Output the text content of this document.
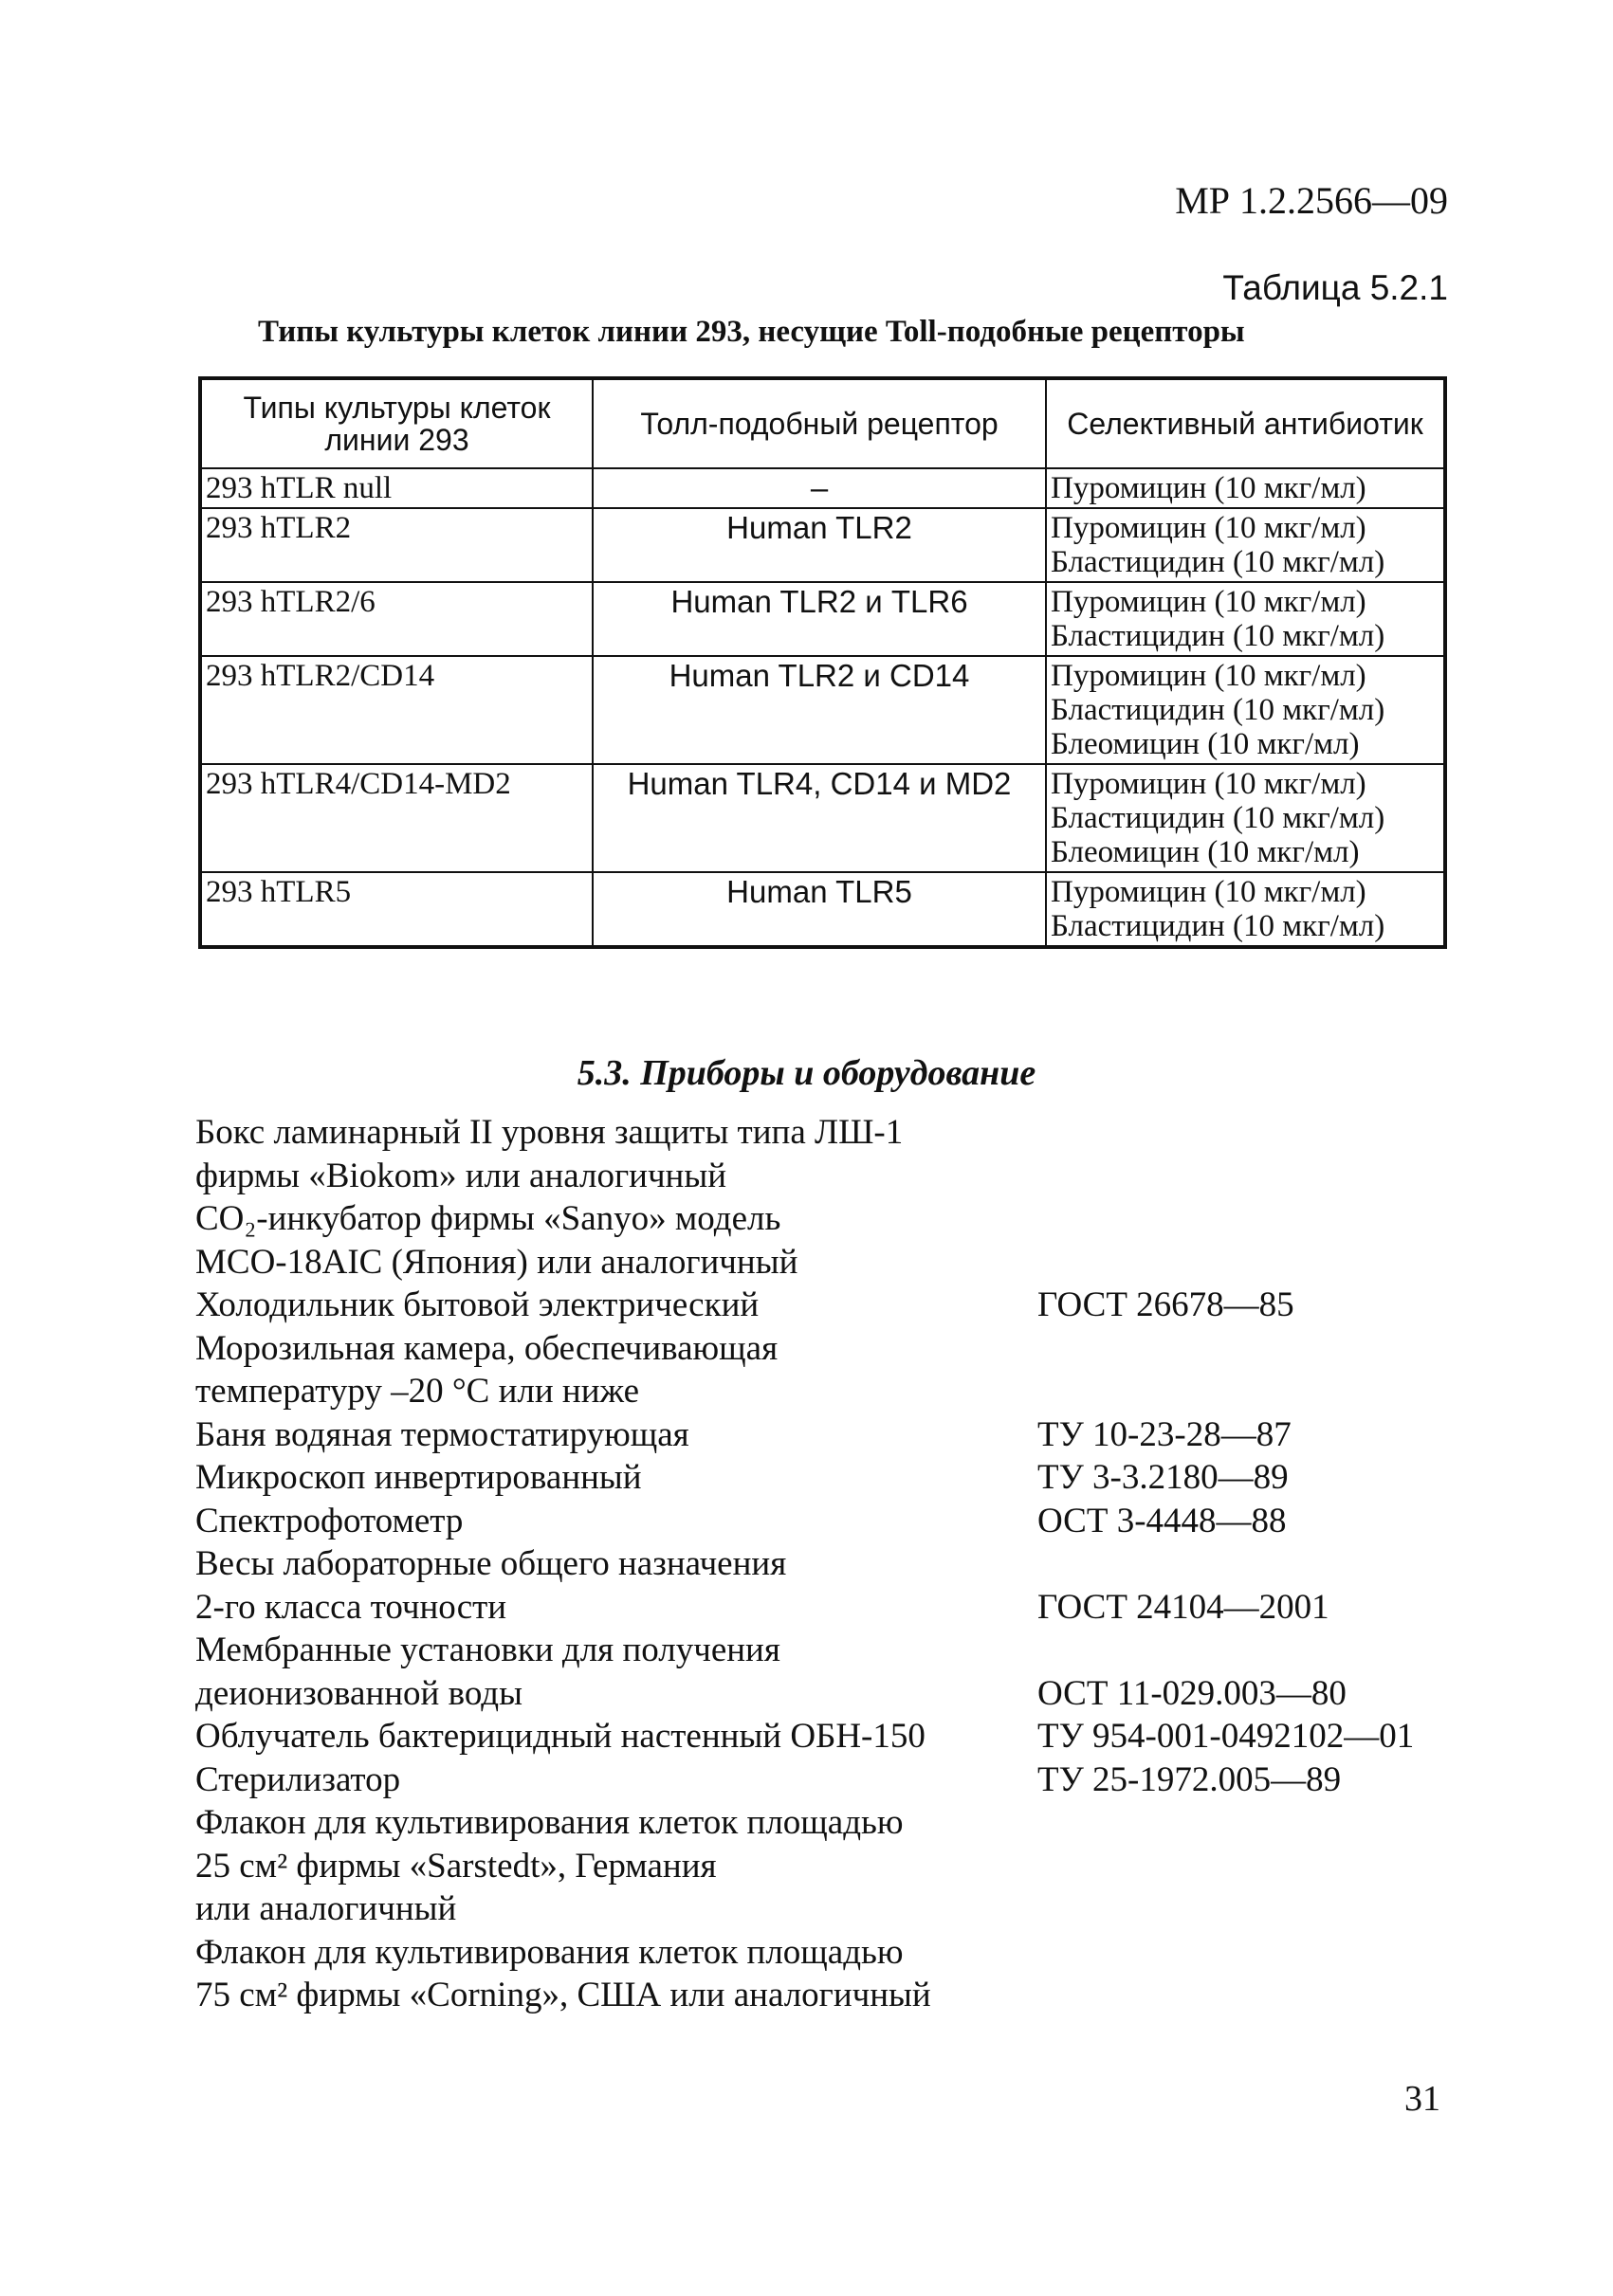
МР 1.2.2566—09
Таблица 5.2.1
Типы культуры клеток линии 293, несущие Toll-подобные рецепторы
Типы культуры клеток линии 293	Толл-подобный рецептор	Селективный антибиотик
293 hTLR null	–	Пуромицин (10 мкг/мл)

293 hTLR2	Human TLR2	Пуромицин (10 мкг/мл)
Бластицидин (10 мкг/мл)

293 hTLR2/6	Human TLR2 и TLR6	Пуромицин (10 мкг/мл)
Бластицидин (10 мкг/мл)

293 hTLR2/CD14	Human TLR2 и CD14	Пуромицин (10 мкг/мл)
Бластицидин (10 мкг/мл)
Блеомицин (10 мкг/мл)

293 hTLR4/CD14-MD2	Human TLR4, CD14 и MD2	Пуромицин (10 мкг/мл)
Бластицидин (10 мкг/мл)
Блеомицин (10 мкг/мл)

293 hTLR5	Human TLR5	Пуромицин (10 мкг/мл)
Бластицидин (10 мкг/мл)
5.3. Приборы и оборудование
Бокс ламинарный II уровня защиты типа ЛШ-1
фирмы «Biokom» или аналогичный
CO₂-инкубатор фирмы «Sanyo» модель
MCO-18AIC (Япония) или аналогичный
Холодильник бытовой электрический	ГОСТ 26678—85
Морозильная камера, обеспечивающая
температуру –20 °С или ниже
Баня водяная термостатирующая	ТУ 10-23-28—87
Микроскоп инвертированный	ТУ 3-3.2180—89
Спектрофотометр	ОСТ 3-4448—88
Весы лабораторные общего назначения
2-го класса точности	ГОСТ 24104—2001
Мембранные установки для получения
деионизованной воды	ОСТ 11-029.003—80
Облучатель бактерицидный настенный ОБН-150	ТУ 954-001-0492102—01
Стерилизатор	ТУ 25-1972.005—89
Флакон для культивирования клеток площадью
25 см² фирмы «Sarstedt», Германия
или аналогичный
Флакон для культивирования клеток площадью
75 см² фирмы «Corning», США или аналогичный
31
